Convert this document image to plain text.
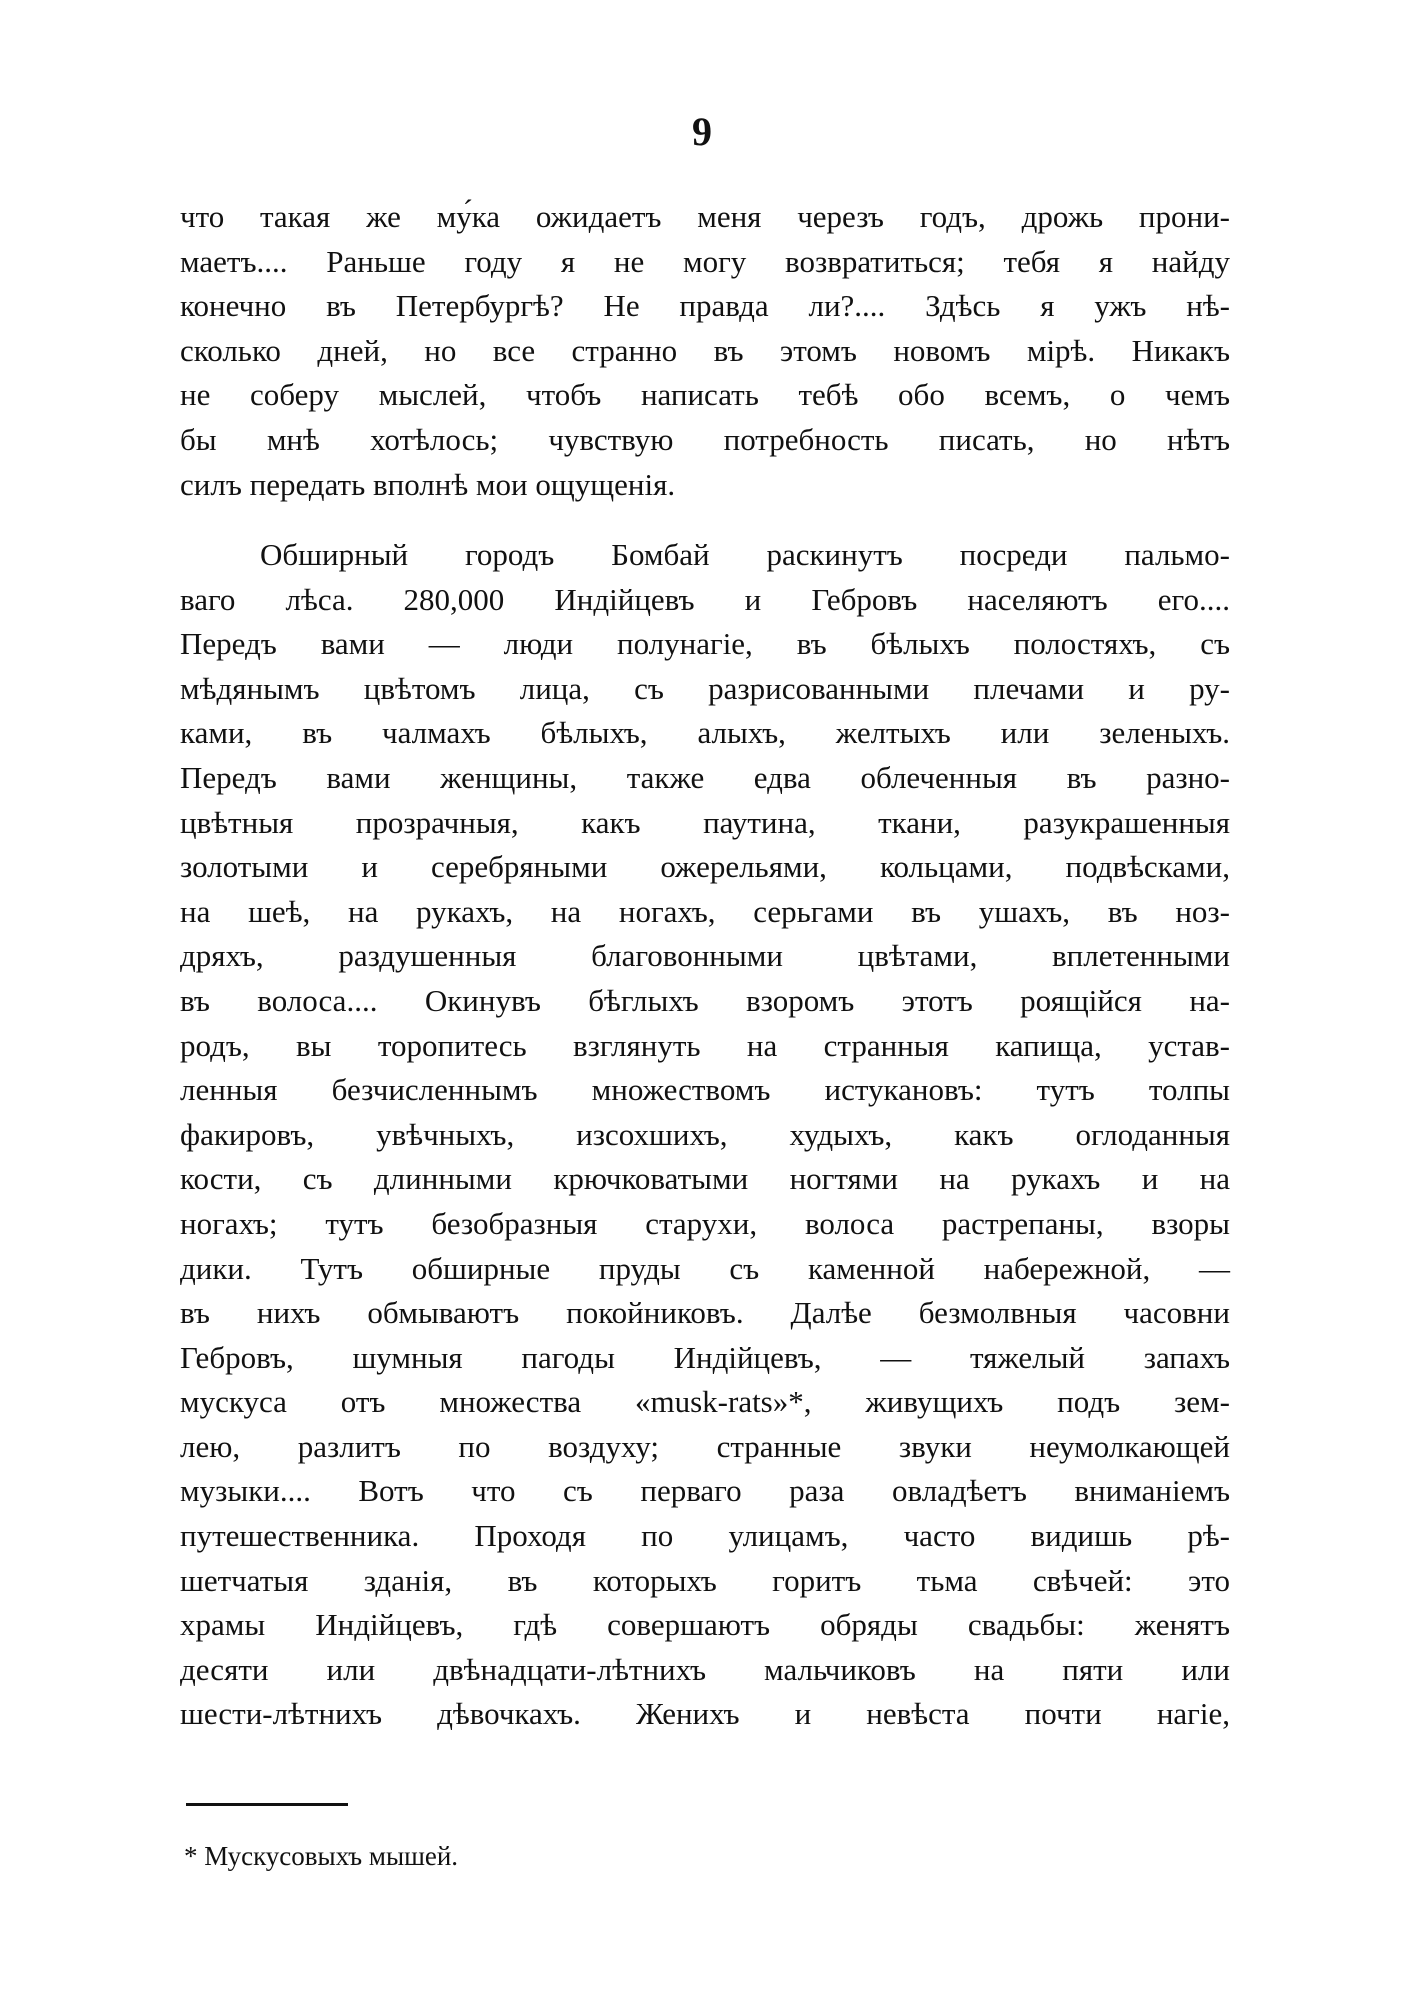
9
что такая же му́ка ожидаетъ меня черезъ годъ, дрожь прони-
маетъ.... Раньше году я не могу возвратиться; тебя я найду
конечно въ Петербургѣ? Не правда ли?.... Здѣсь я ужъ нѣ-
сколько дней, но все странно въ этомъ новомъ мірѣ. Никакъ
не соберу мыслей, чтобъ написать тебѣ обо всемъ, о чемъ
бы мнѣ хотѣлось; чувствую потребность писать, но нѣтъ
силъ передать вполнѣ мои ощущенія.
Обширный городъ Бомбай раскинутъ посреди пальмо-
ваго лѣса. 280,000 Индійцевъ и Гебровъ населяютъ его....
Передъ вами — люди полунагіе, въ бѣлыхъ полостяхъ, съ
мѣдянымъ цвѣтомъ лица, съ разрисованными плечами и ру-
ками, въ чалмахъ бѣлыхъ, алыхъ, желтыхъ или зеленыхъ.
Передъ вами женщины, также едва облеченныя въ разно-
цвѣтныя прозрачныя, какъ паутина, ткани, разукрашенныя
золотыми и серебряными ожерельями, кольцами, подвѣсками,
на шеѣ, на рукахъ, на ногахъ, серьгами въ ушахъ, въ ноз-
дряхъ, раздушенныя благовонными цвѣтами, вплетенными
въ волоса.... Окинувъ бѣглыхъ взоромъ этотъ роящійся на-
родъ, вы торопитесь взглянуть на странныя капища, устав-
ленныя безчисленнымъ множествомъ истукановъ: тутъ толпы
факировъ, увѣчныхъ, изсохшихъ, худыхъ, какъ оглоданныя
кости, съ длинными крючковатыми ногтями на рукахъ и на
ногахъ; тутъ безобразныя старухи, волоса растрепаны, взоры
дики. Тутъ обширные пруды съ каменной набережной, —
въ нихъ обмываютъ покойниковъ. Далѣе безмолвныя часовни
Гебровъ, шумныя пагоды Индійцевъ, — тяжелый запахъ
мускуса отъ множества «musk-rats»*, живущихъ подъ зем-
лею, разлитъ по воздуху; странные звуки неумолкающей
музыки.... Вотъ что съ перваго раза овладѣетъ вниманіемъ
путешественника. Проходя по улицамъ, часто видишь рѣ-
шетчатыя зданія, въ которыхъ горитъ тьма свѣчей: это
храмы Индійцевъ, гдѣ совершаютъ обряды свадьбы: женятъ
десяти или двѣнадцати-лѣтнихъ мальчиковъ на пяти или
шести-лѣтнихъ дѣвочкахъ. Женихъ и невѣста почти нагіе,
* Мускусовыхъ мышей.
